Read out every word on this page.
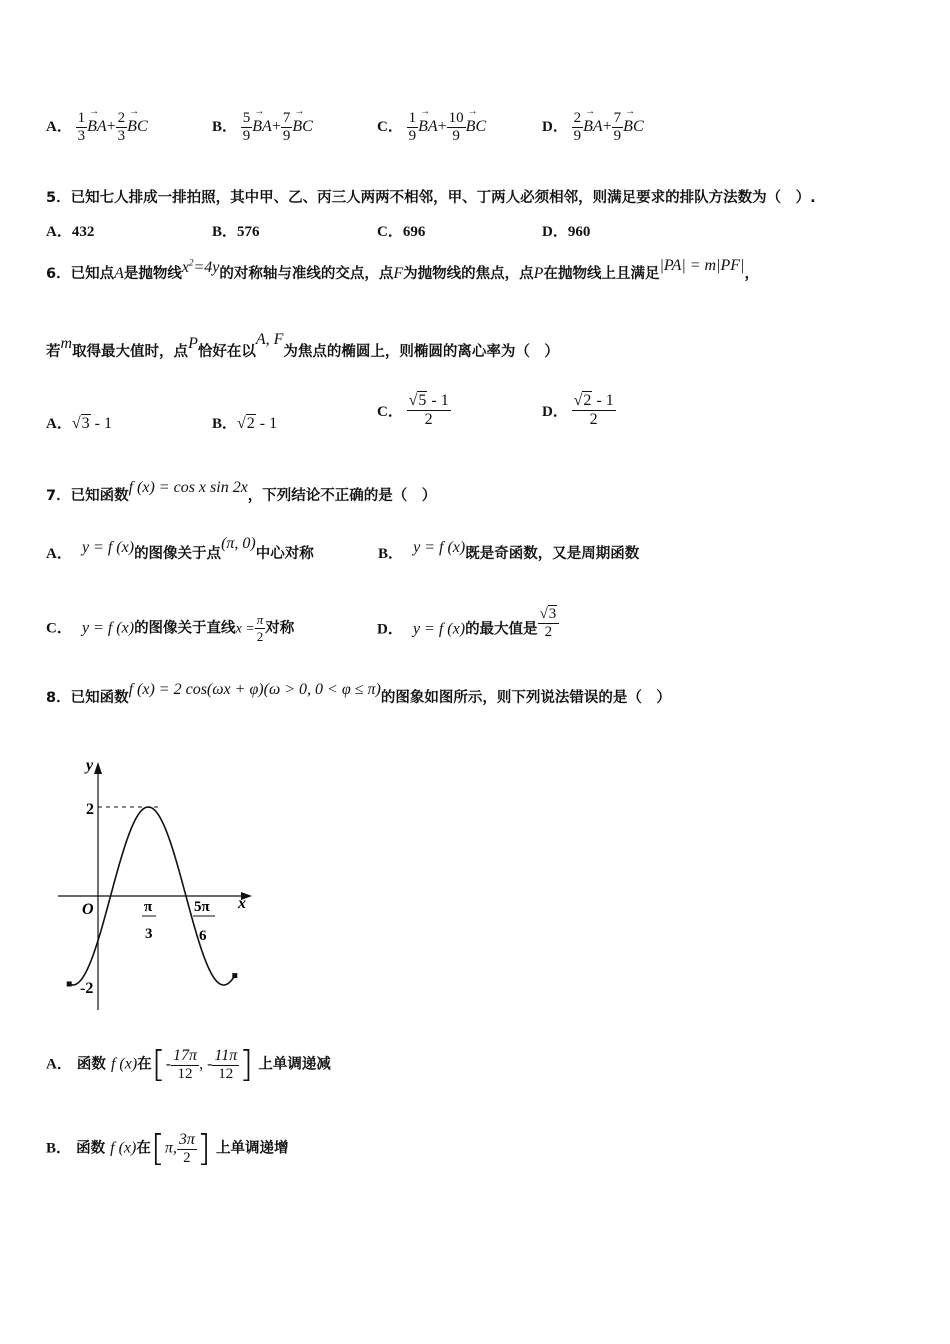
A． $\frac{1}{3}$
→ $BA+ \frac{2}{3}$
→ BC	B． $\frac{5}{9}$
→ $BA+ \frac{7}{9}$
→ BC	C． $\frac{1}{9}$
→ $BA+ \frac{10}{9}$
→ BC	D． $\frac{2}{9}$
→ $BA+ \frac{7}{9}$
→ BC
5．已知七人排成一排拍照，其中甲、乙、丙三人两两不相邻，甲、丁两人必须相邻，则满足要求的排队方法数为（　）.
A．432	B．576	C．696	D．960
6．已知点A是抛物线$x^2=4y$的对称轴与准线的交点，点F为抛物线的焦点，点P在抛物线上且满足|PA| = m|PF|，
若m取得最大值时，点P恰好在以A, F为焦点的椭圆上，则椭圆的离心率为（　）
A．√3 - 1	B．√2 - 1
C． $\frac{√5 - 1}{2}$	D． $\frac{√2 - 1}{2}$
7．已知函数f (x) = cos x sin 2x，下列结论不正确的是（　）
A． y = f (x)的图像关于点(π, 0)中心对称	B． y = f (x)既是奇函数，又是周期函数
C． y = f (x)的图像关于直线$x = \frac{\pi}{2}$ 对称	D． y = f (x)的最大值是 $\frac{√3}{2}$
8．已知函数f (x) = 2 cos(ωx + φ)(ω > 0, 0 < φ ≤ π)的图象如图所示，则下列说法错误的是（　）
y
x
O
2
-2
π
3
5π
6
A． 函数 f (x)在[- $\frac{17\pi}{12}$ , - $\frac{11\pi}{12}$ ] 上单调递减
B． 函数 f (x)在[π, $\frac{3\pi}{2}$ ] 上单调递增
